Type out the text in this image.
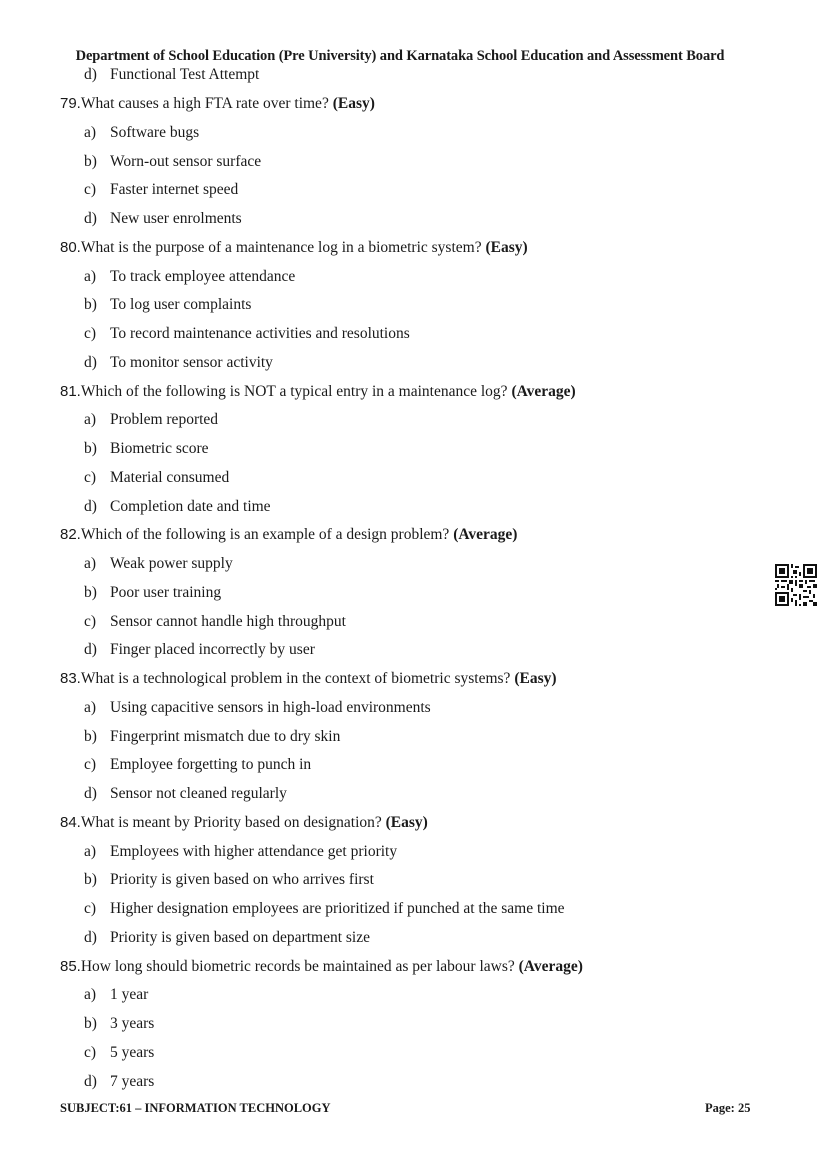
Department of School Education (Pre University) and Karnataka School Education and Assessment Board
d) Functional Test Attempt
79.What causes a high FTA rate over time? (Easy)
a) Software bugs
b) Worn-out sensor surface
c) Faster internet speed
d) New user enrolments
80.What is the purpose of a maintenance log in a biometric system? (Easy)
a) To track employee attendance
b) To log user complaints
c) To record maintenance activities and resolutions
d) To monitor sensor activity
81.Which of the following is NOT a typical entry in a maintenance log? (Average)
a) Problem reported
b) Biometric score
c) Material consumed
d) Completion date and time
82.Which of the following is an example of a design problem? (Average)
a) Weak power supply
b) Poor user training
c) Sensor cannot handle high throughput
d) Finger placed incorrectly by user
83.What is a technological problem in the context of biometric systems? (Easy)
a) Using capacitive sensors in high-load environments
b) Fingerprint mismatch due to dry skin
c) Employee forgetting to punch in
d) Sensor not cleaned regularly
84.What is meant by Priority based on designation? (Easy)
a) Employees with higher attendance get priority
b) Priority is given based on who arrives first
c) Higher designation employees are prioritized if punched at the same time
d) Priority is given based on department size
85.How long should biometric records be maintained as per labour laws? (Average)
a) 1 year
b) 3 years
c) 5 years
d) 7 years
SUBJECT:61 – INFORMATION TECHNOLOGY	Page: 25
